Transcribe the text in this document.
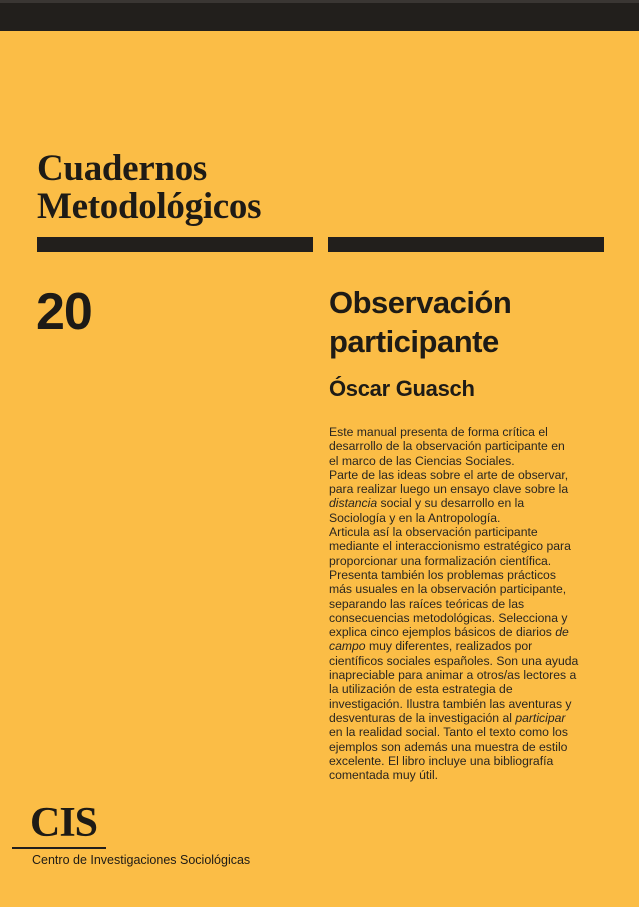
Cuadernos
Metodológicos
20	Observación
participante
Óscar Guasch
Este manual presenta de forma crítica el
desarrollo de la observación participante en
el marco de las Ciencias Sociales.
Parte de las ideas sobre el arte de observar,
para realizar luego un ensayo clave sobre la
distancia social y su desarrollo en la
Sociología y en la Antropología.
Articula así la observación participante
mediante el interaccionismo estratégico para
proporcionar una formalización científica.
Presenta también los problemas prácticos
más usuales en la observación participante,
separando las raíces teóricas de las
consecuencias metodológicas. Selecciona y
explica cinco ejemplos básicos de diarios de
campo muy diferentes, realizados por
científicos sociales españoles. Son una ayuda
inapreciable para animar a otros/as lectores a
la utilización de esta estrategia de
investigación. Ilustra también las aventuras y
desventuras de la investigación al participar
en la realidad social. Tanto el texto como los
ejemplos son además una muestra de estilo
excelente. El libro incluye una bibliografía
comentada muy útil.
CIS
Centro de Investigaciones Sociológicas
